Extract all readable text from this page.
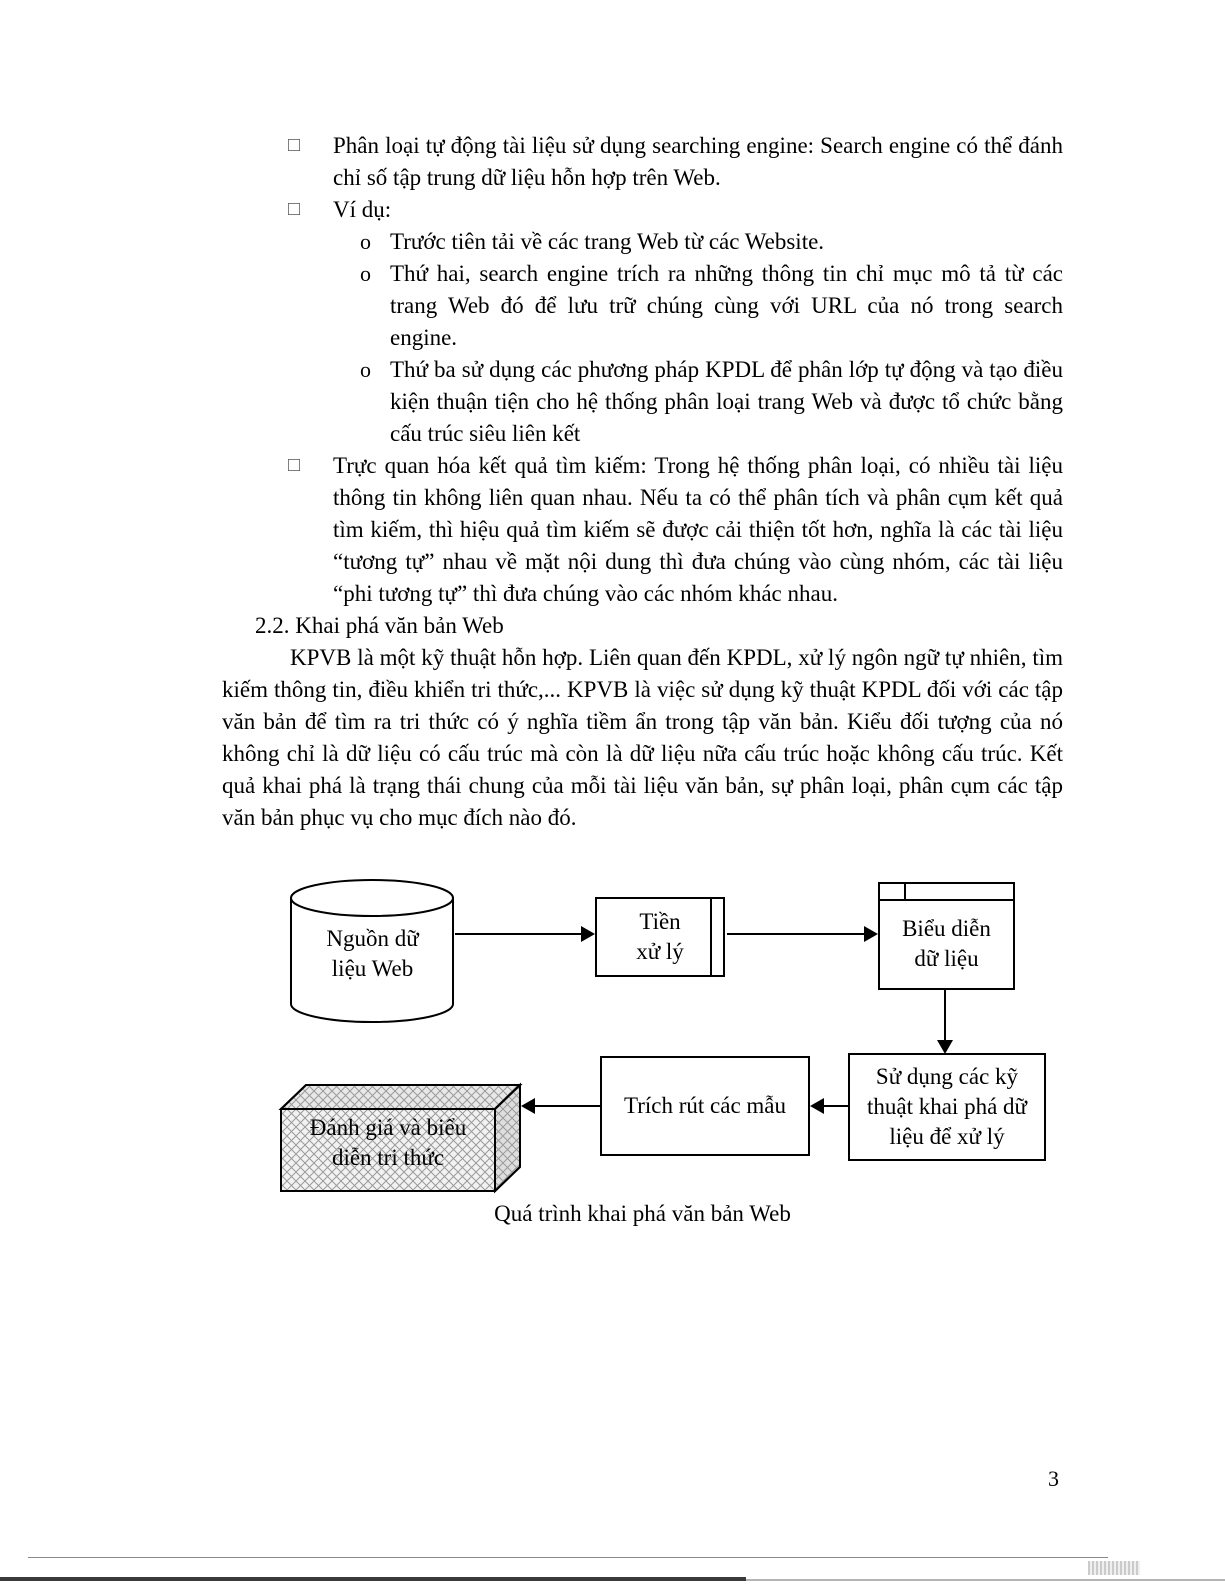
□ Phân loại tự động tài liệu sử dụng searching engine: Search engine có thể đánh chỉ số tập trung dữ liệu hỗn hợp trên Web.
□ Ví dụ:
o Trước tiên tải về các trang Web từ các Website.
o Thứ hai, search engine trích ra những thông tin chỉ mục mô tả từ các trang Web đó để lưu trữ chúng cùng với URL của nó trong search engine.
o Thứ ba sử dụng các phương pháp KPDL để phân lớp tự động và tạo điều kiện thuận tiện cho hệ thống phân loại trang Web và được tổ chức bằng cấu trúc siêu liên kết
□ Trực quan hóa kết quả tìm kiếm: Trong hệ thống phân loại, có nhiều tài liệu thông tin không liên quan nhau. Nếu ta có thể phân tích và phân cụm kết quả tìm kiếm, thì hiệu quả tìm kiếm sẽ được cải thiện tốt hơn, nghĩa là các tài liệu “tương tự” nhau về mặt nội dung thì đưa chúng vào cùng nhóm, các tài liệu “phi tương tự” thì đưa chúng vào các nhóm khác nhau.
2.2. Khai phá văn bản Web
KPVB là một kỹ thuật hỗn hợp. Liên quan đến KPDL, xử lý ngôn ngữ tự nhiên, tìm kiếm thông tin, điều khiển tri thức,... KPVB là việc sử dụng kỹ thuật KPDL đối với các tập văn bản để tìm ra tri thức có ý nghĩa tiềm ẩn trong tập văn bản. Kiểu đối tượng của nó không chỉ là dữ liệu có cấu trúc mà còn là dữ liệu nữa cấu trúc hoặc không cấu trúc. Kết quả khai phá là trạng thái chung của mỗi tài liệu văn bản, sự phân loại, phân cụm các tập văn bản phục vụ cho mục đích nào đó.
Nguồn dữ liệu Web
Tiền xử lý
Biểu diễn dữ liệu
Sử dụng các kỹ thuật khai phá dữ liệu để xử lý
Trích rút các mẫu
Đánh giá và biểu diễn tri thức
Quá trình khai phá văn bản Web
3
